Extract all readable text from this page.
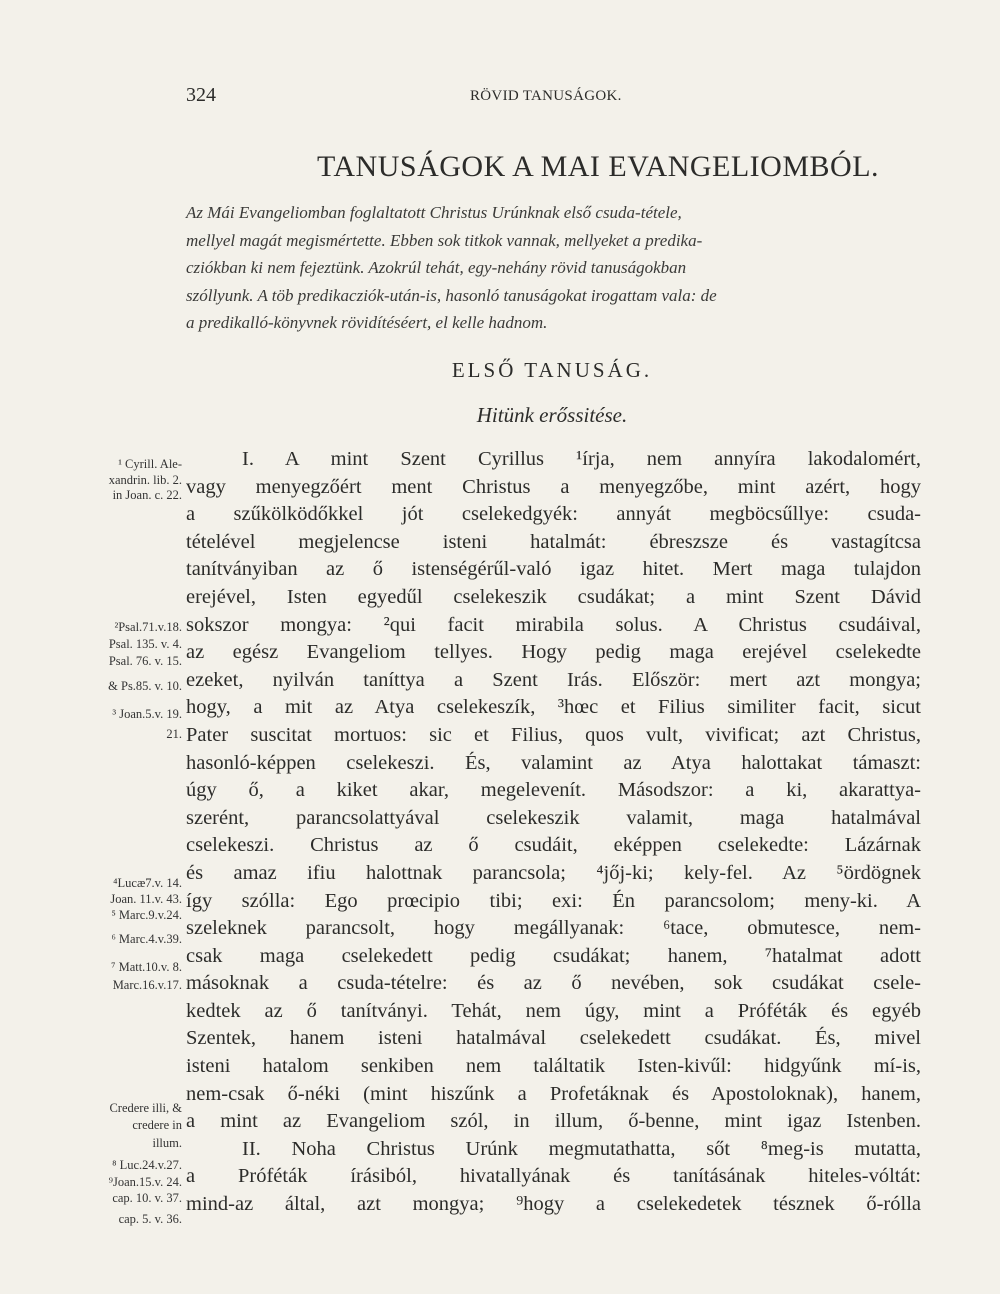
324	RÖVID TANUSÁGOK.
TANUSÁGOK A MAI EVANGELIOMBÓL.
Az Mái Evangeliomban foglaltatott Christus Urúnknak első csuda-tétele,
mellyel magát megismértette. Ebben sok titkok vannak, mellyeket a predika-
cziókban ki nem fejeztünk. Azokrúl tehát, egy-nehány rövid tanuságokban
szóllyunk. A töb predikacziók-után-is, hasonló tanuságokat irogattam vala: de
a predikalló-könyvnek rövidítéséert, el kelle hadnom.
ELSŐ TANUSÁG.
Hitünk erőssitése.
I. A mint Szent Cyrillus ¹írja, nem annyíra lakodalomért,
vagy menyegzőért ment Christus a menyegzőbe, mint azért, hogy
a szűkölködőkkel jót cselekedgyék: annyát megböcsűllye: csuda-
tételével megjelencse isteni hatalmát: ébreszsze és vastagítcsa
tanítványiban az ő istenségérűl-való igaz hitet. Mert maga tulajdon
erejével, Isten egyedűl cselekeszik csudákat; a mint Szent Dávid
sokszor mongya: ²qui facit mirabila solus. A Christus csudáival,
az egész Evangeliom tellyes. Hogy pedig maga erejével cselekedte
ezeket, nyilván taníttya a Szent Irás. Először: mert azt mongya;
hogy, a mit az Atya cselekeszík, ³hœc et Filius similiter facit, sicut
Pater suscitat mortuos: sic et Filius, quos vult, vivificat; azt Christus,
hasonló-képpen cselekeszi. És, valamint az Atya halottakat támaszt:
úgy ő, a kiket akar, megelevenít. Másodszor: a ki, akarattya-
szerént, parancsolattyával cselekeszik valamit, maga hatalmával
cselekeszi. Christus az ő csudáit, eképpen cselekedte: Lázárnak
és amaz ifiu halottnak parancsola; ⁴jőj-ki; kely-fel. Az ⁵ördögnek
így szólla: Ego prœcipio tibi; exi: Én parancsolom; meny-ki. A
szeleknek parancsolt, hogy megállyanak: ⁶tace, obmutesce, nem-
csak maga cselekedett pedig csudákat; hanem, ⁷hatalmat adott
másoknak a csuda-tételre: és az ő nevében, sok csudákat csele-
kedtek az ő tanítványi. Tehát, nem úgy, mint a Próféták és egyéb
Szentek, hanem isteni hatalmával cselekedett csudákat. És, mivel
isteni hatalom senkiben nem találtatik Isten-kivűl: hidgyűnk mí-is,
nem-csak ő-néki (mint hiszűnk a Profetáknak és Apostoloknak), hanem,
a mint az Evangeliom szól, in illum, ő-benne, mint igaz Istenben.
II. Noha Christus Urúnk megmutathatta, sőt ⁸meg-is mutatta,
a Próféták írásiból, hivatallyának és tanításának hiteles-vóltát:
mind-az által, azt mongya; ⁹hogy a cselekedetek tésznek ő-rólla
¹ Cyrill. Ale-
xandrin. lib. 2.
in Joan. c. 22.
²Psal.71.v.18.
Psal. 135. v. 4.
Psal. 76. v. 15.
& Ps.85. v. 10.
³ Joan.5.v. 19.
21.
⁴Lucæ7.v. 14.
Joan. 11.v. 43.
⁵ Marc.9.v.24.
⁶ Marc.4.v.39.
⁷ Matt.10.v. 8.
Marc.16.v.17.
Credere illi, &
credere in
illum.
⁸ Luc.24.v.27.
⁹Joan.15.v. 24.
cap. 10. v. 37.
cap. 5. v. 36.
